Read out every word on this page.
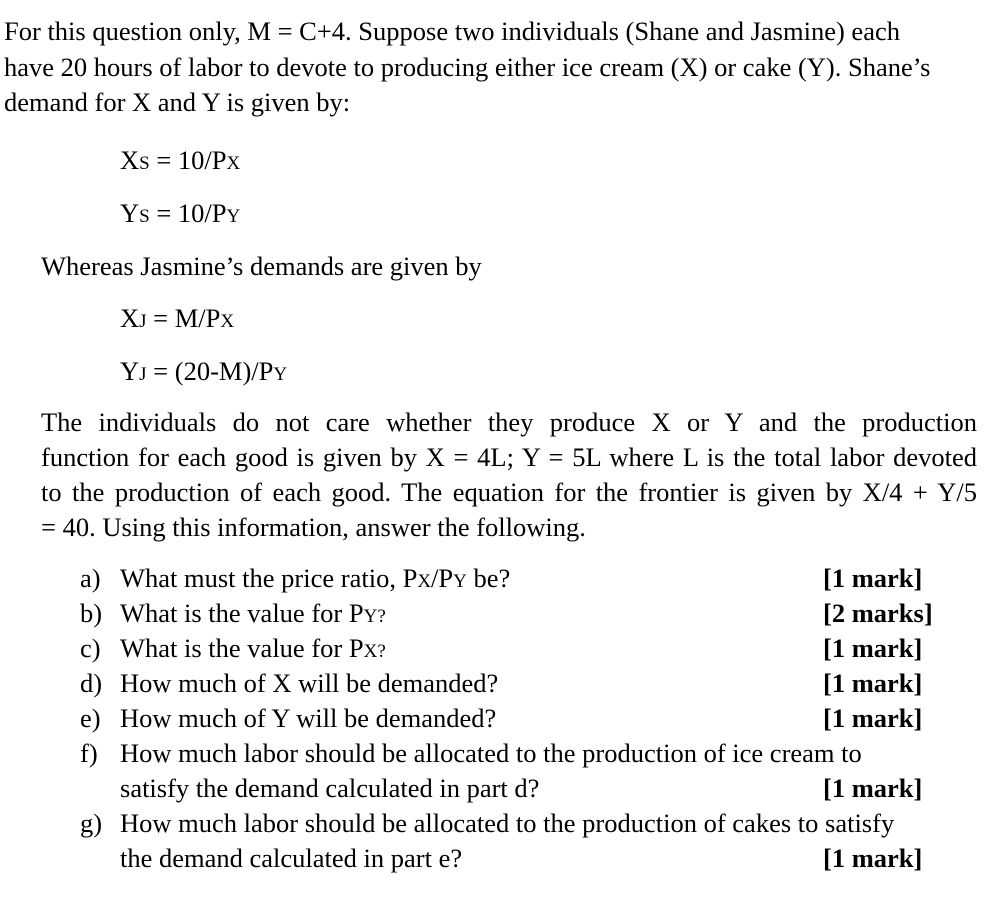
For this question only, M = C+4. Suppose two individuals (Shane and Jasmine) each
have 20 hours of labor to devote to producing either ice cream (X) or cake (Y). Shane’s
demand for X and Y is given by:

XS = 10/PX
YS = 10/PY
Whereas Jasmine’s demands are given by
XJ = M/PX
YJ = (20-M)/PY
The individuals do not care whether they produce X or Y and the production
function for each good is given by X = 4L; Y = 5L where L is the total labor devoted
to the production of each good. The equation for the frontier is given by X/4 + Y/5
= 40. Using this information, answer the following.
a) What must the price ratio, PX/PY be?	[1 mark]
b) What is the value for PY?	[2 marks]
c) What is the value for PX?	[1 mark]
d) How much of X will be demanded?	[1 mark]
e) How much of Y will be demanded?	[1 mark]
f) How much labor should be allocated to the production of ice cream to
satisfy the demand calculated in part d?	[1 mark]
g) How much labor should be allocated to the production of cakes to satisfy
the demand calculated in part e?	[1 mark]
